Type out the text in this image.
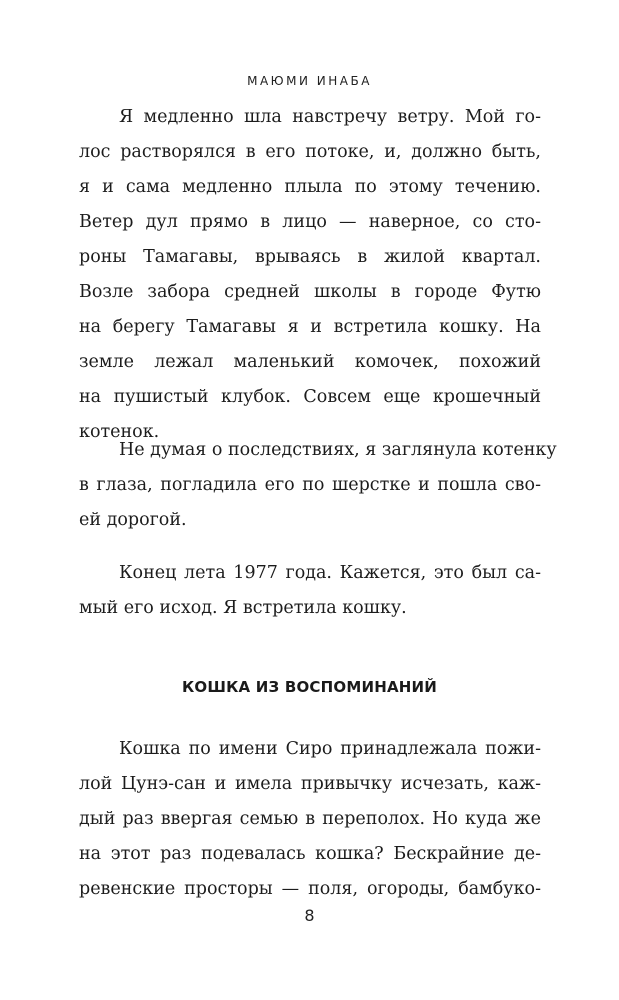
МАЮМИ ИНАБА
Я медленно шла навстречу ветру. Мой го-
лос растворялся в его потоке, и, должно быть,
я и сама медленно плыла по этому течению.
Ветер дул прямо в лицо — наверное, со сто-
роны Тамагавы, врываясь в жилой квартал.
Возле забора средней школы в городе Футю
на берегу Тамагавы я и встретила кошку. На
земле лежал маленький комочек, похожий
на пушистый клубок. Совсем еще крошечный
котенок.
Не думая о последствиях, я заглянула котенку
в глаза, погладила его по шерстке и пошла сво-
ей дорогой.
Конец лета 1977 года. Кажется, это был са-
мый его исход. Я встретила кошку.
КОШКА ИЗ ВОСПОМИНАНИЙ
Кошка по имени Сиро принадлежала пожи-
лой Цунэ-сан и имела привычку исчезать, каж-
дый раз ввергая семью в переполох. Но куда же
на этот раз подевалась кошка? Бескрайние де-
ревенские просторы — поля, огороды, бамбуко-
8
